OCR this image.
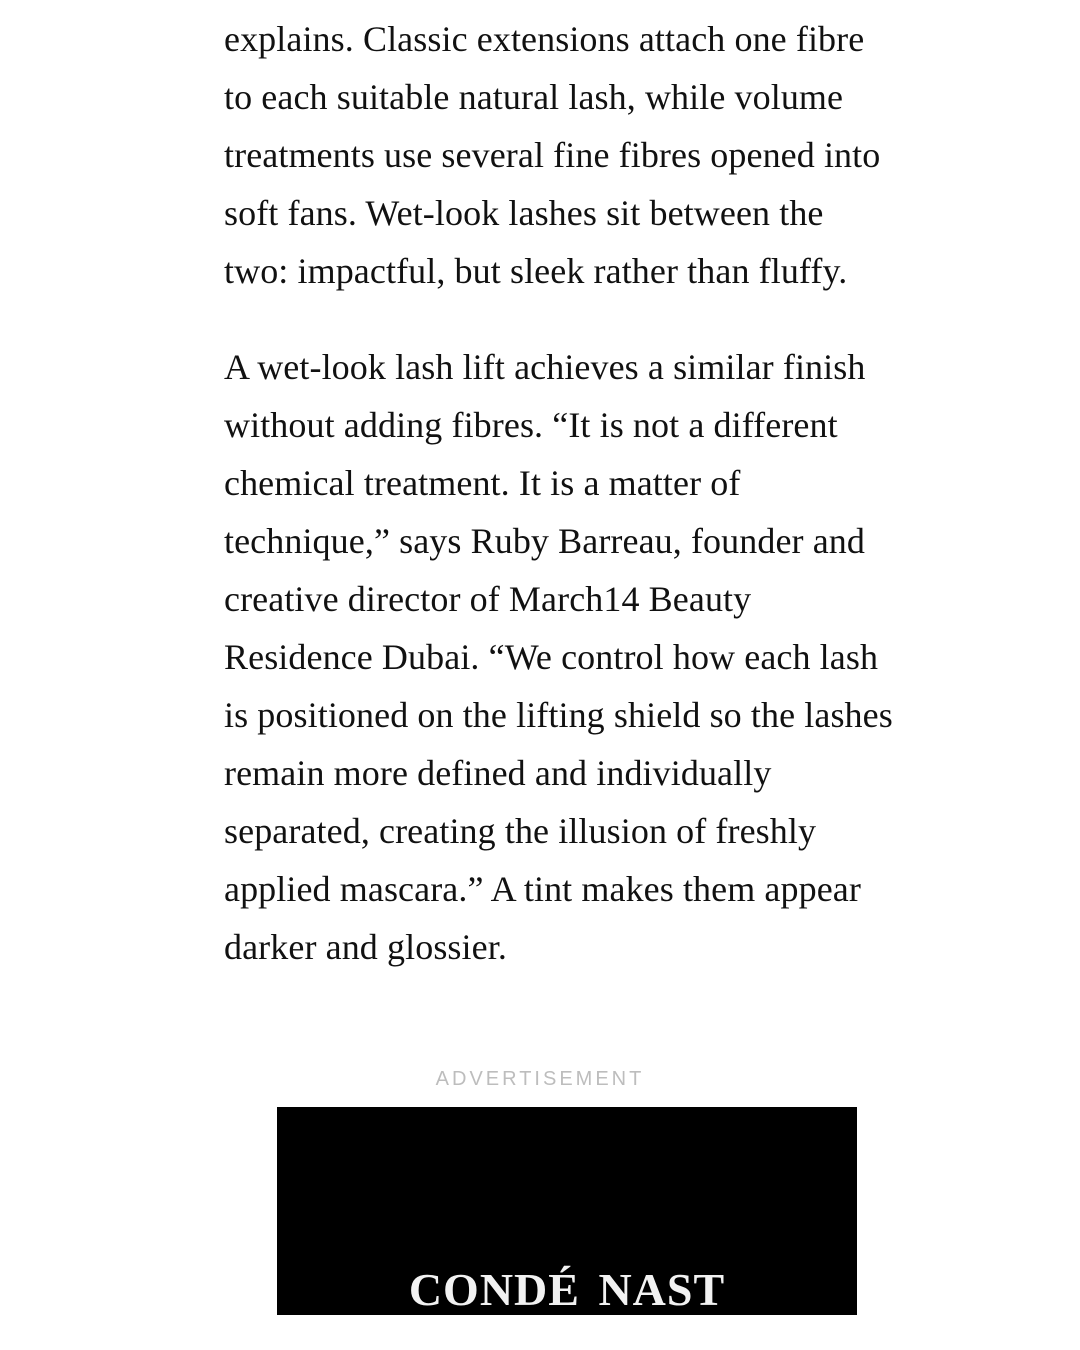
explains. Classic extensions attach one fibre
to each suitable natural lash, while volume
treatments use several fine fibres opened into
soft fans. Wet-look lashes sit between the
two: impactful, but sleek rather than fluffy.

A wet-look lash lift achieves a similar finish
without adding fibres. “It is not a different
chemical treatment. It is a matter of
technique,” says Ruby Barreau, founder and
creative director of March14 Beauty
Residence Dubai. “We control how each lash
is positioned on the lifting shield so the lashes
remain more defined and individually
separated, creating the illusion of freshly
applied mascara.” A tint makes them appear
darker and glossier.

ADVERTISEMENT
CONDÉ NAST
